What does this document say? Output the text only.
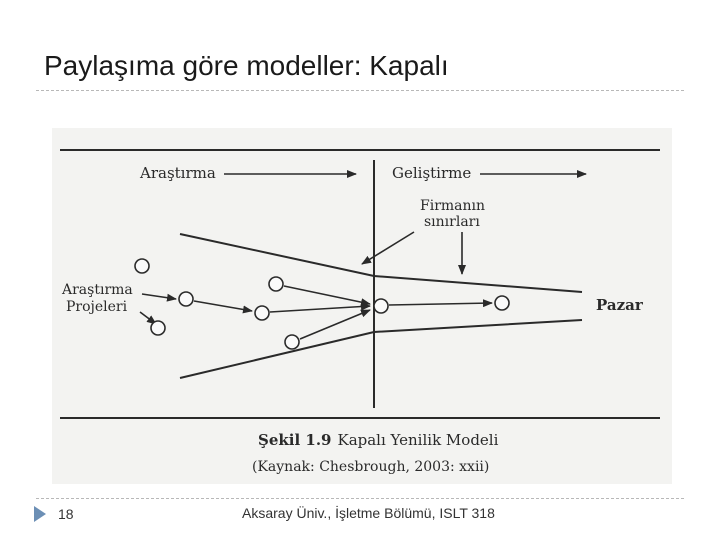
Paylaşıma göre modeller: Kapalı
Araştırma	Geliştirme
Firmanın
sınırları
Araştırma
Projeleri	Pazar
Şekil 1.9 Kapalı Yenilik Modeli
(Kaynak: Chesbrough, 2003: xxii)
18	Aksaray Üniv., İşletme Bölümü, ISLT 318
